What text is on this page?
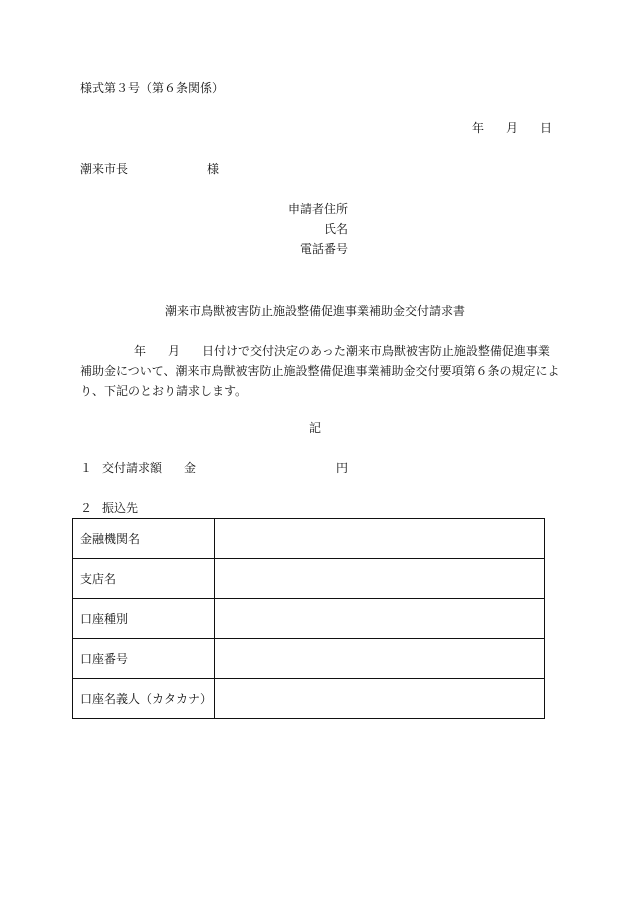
様式第３号（第６条関係）
年 月 日
潮来市長	様
申請者住所
氏名
電話番号
潮来市鳥獣被害防止施設整備促進事業補助金交付請求書
年 月 日付けで交付決定のあった潮来市鳥獣被害防止施設整備促進事業
補助金について、潮来市鳥獣被害防止施設整備促進事業補助金交付要項第６条の規定によ
り、下記のとおり請求します。
記
１ 交付請求額 金	円
２ 振込先
金融機関名	
支店名	
口座種別	
口座番号	
口座名義人（カタカナ）	
